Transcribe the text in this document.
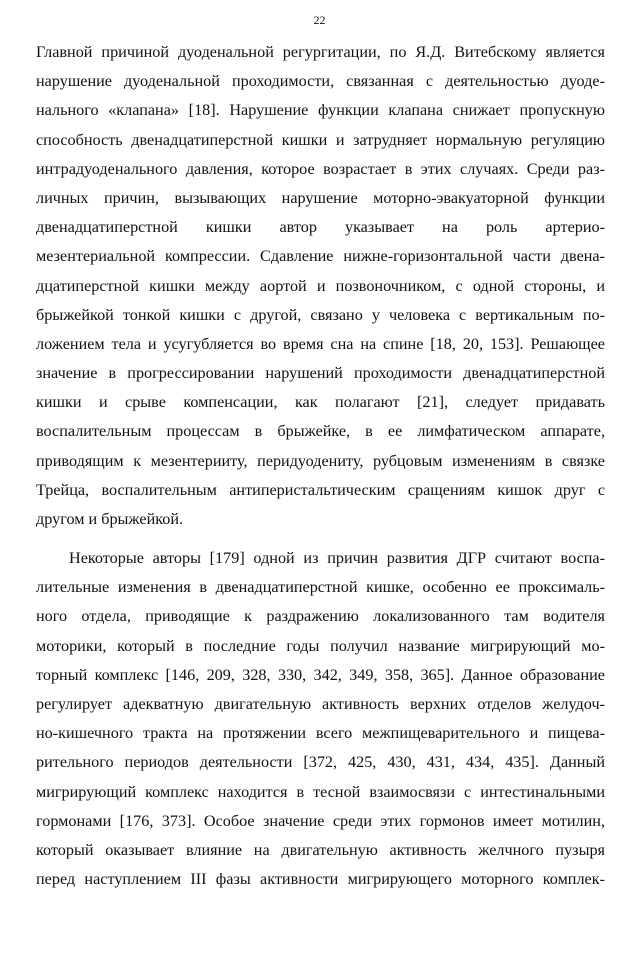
22
Главной причиной дуоденальной регургитации, по Я.Д. Витебскому является
нарушение дуоденальной проходимости, связанная с деятельностью дуоде-
нального «клапана» [18]. Нарушение функции клапана снижает пропускную
способность двенадцатиперстной кишки и затрудняет нормальную регуляцию
интрадуоденального давления, которое возрастает в этих случаях. Среди раз-
личных причин, вызывающих нарушение моторно-эвакуаторной функции
двенадцатиперстной кишки автор указывает на роль артерио-
мезентериальной компрессии. Сдавление нижне-горизонтальной части двена-
дцатиперстной кишки между аортой и позвоночником, с одной стороны, и
брыжейкой тонкой кишки с другой, связано у человека с вертикальным по-
ложением тела и усугубляется во время сна на спине [18, 20, 153]. Решающее
значение в прогрессировании нарушений проходимости двенадцатиперстной
кишки и срыве компенсации, как полагают [21], следует придавать
воспалительным процессам в брыжейке, в ее лимфатическом аппарате,
приводящим к мезентерииту, перидуодениту, рубцовым изменениям в связке
Трейца, воспалительным антиперистальтическим сращениям кишок друг с
другом и брыжейкой.
Некоторые авторы [179] одной из причин развития ДГР считают воспа-
лительные изменения в двенадцатиперстной кишке, особенно ее проксималь-
ного отдела, приводящие к раздражению локализованного там водителя
моторики, который в последние годы получил название мигрирующий мо-
торный комплекс [146, 209, 328, 330, 342, 349, 358, 365]. Данное образование
регулирует адекватную двигательную активность верхних отделов желудоч-
но-кишечного тракта на протяжении всего межпищеварительного и пищева-
рительного периодов деятельности [372, 425, 430, 431, 434, 435]. Данный
мигрирующий комплекс находится в тесной взаимосвязи с интестинальными
гормонами [176, 373]. Особое значение среди этих гормонов имеет мотилин,
который оказывает влияние на двигательную активность желчного пузыря
перед наступлением III фазы активности мигрирующего моторного комплек-
